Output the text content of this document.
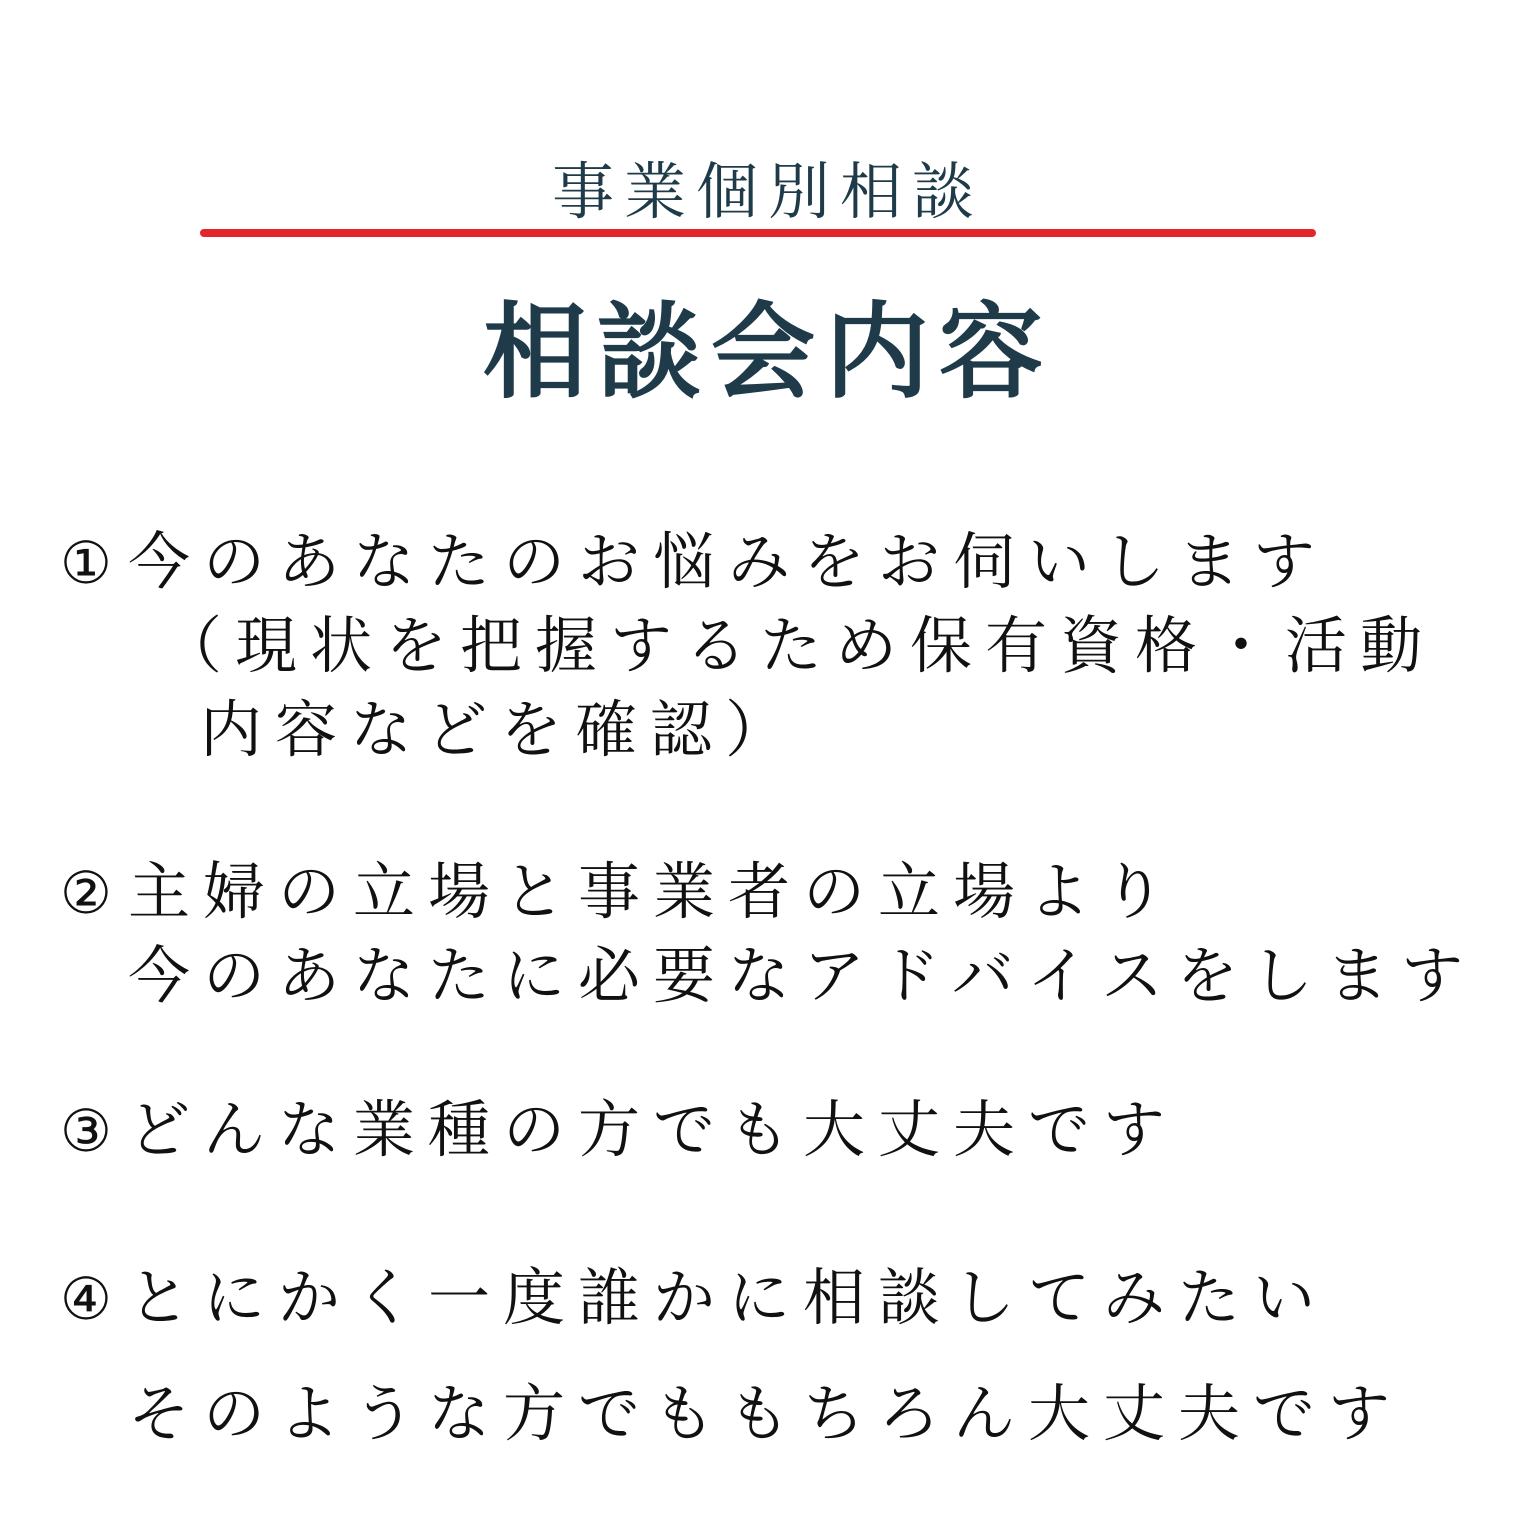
事業個別相談
相談会内容

① 今のあなたのお悩みをお伺いします

（現状を把握するため保有資格・活動

内容などを確認）

② 主婦の立場と事業者の立場より

今のあなたに必要なアドバイスをします

③ どんな業種の方でも大丈夫です

④ とにかく一度誰かに相談してみたい

そのような方でももちろん大丈夫です
